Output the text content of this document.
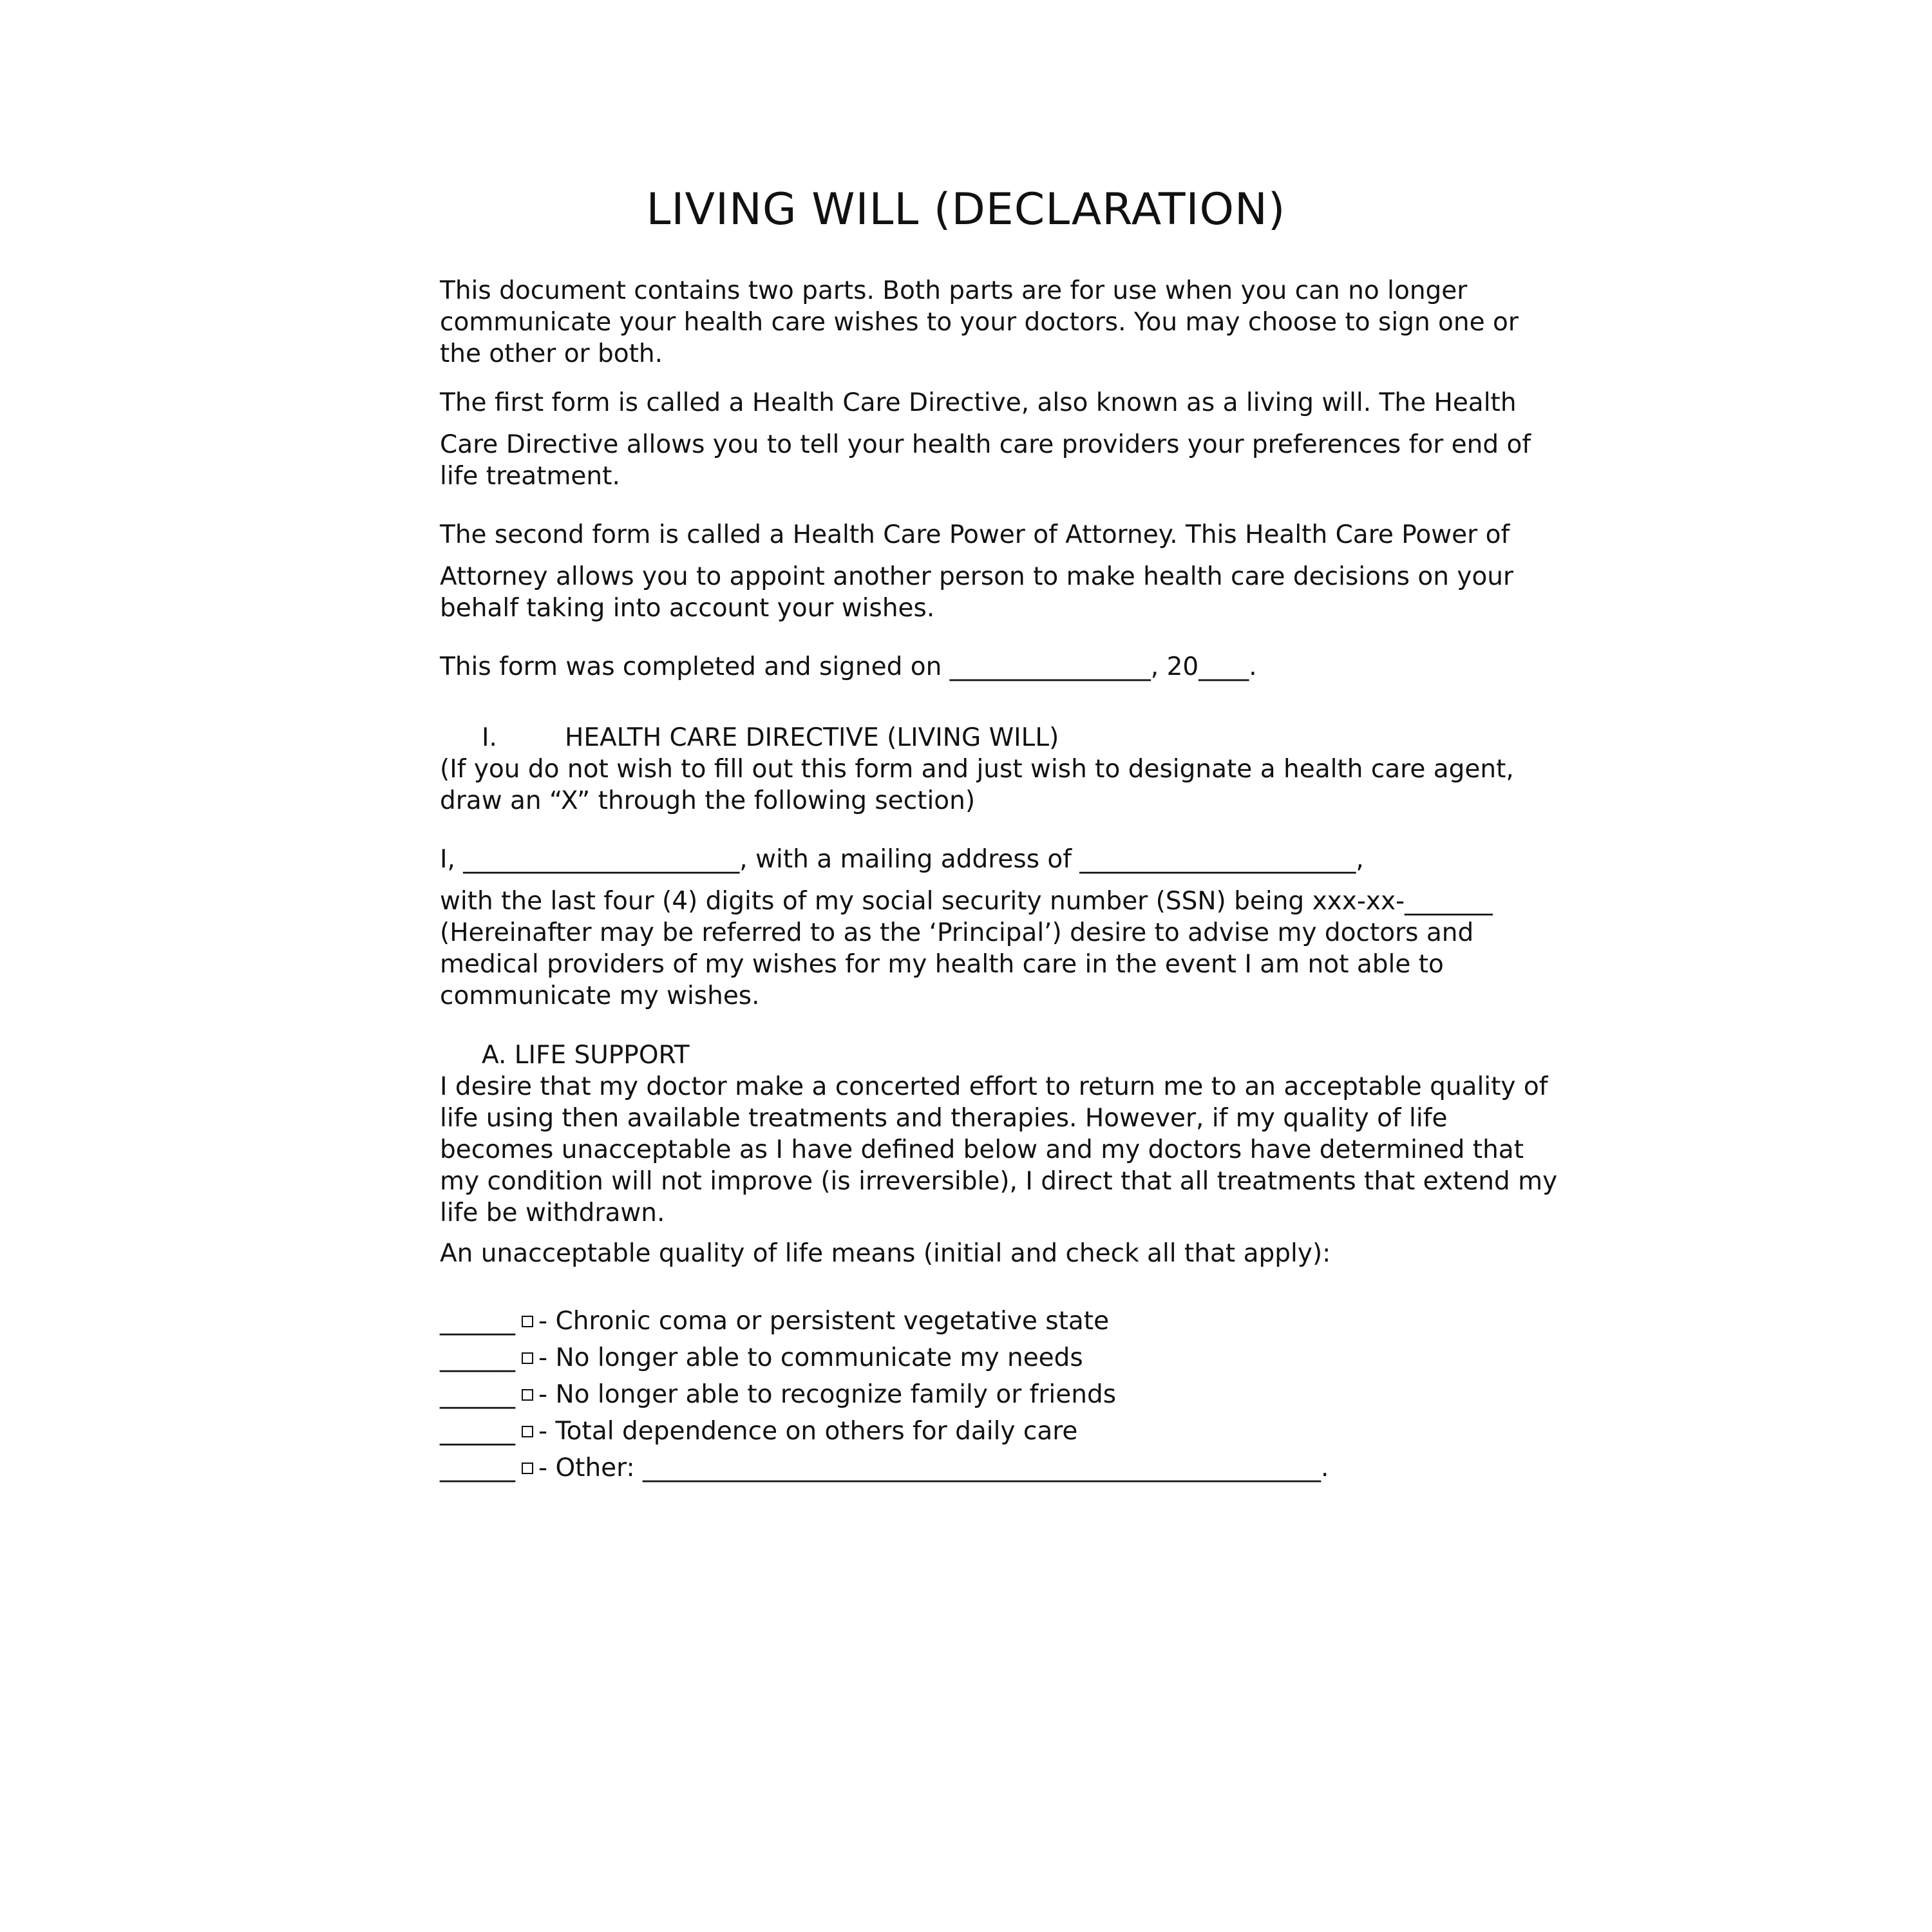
LIVING WILL (DECLARATION)
This document contains two parts. Both parts are for use when you can no longer
communicate your health care wishes to your doctors. You may choose to sign one or
the other or both.
The first form is called a Health Care Directive, also known as a living will. The Health
Care Directive allows you to tell your health care providers your preferences for end of
life treatment.
The second form is called a Health Care Power of Attorney. This Health Care Power of
Attorney allows you to appoint another person to make health care decisions on your
behalf taking into account your wishes.
This form was completed and signed on ________________, 20____.
I.	HEALTH CARE DIRECTIVE (LIVING WILL)
(If you do not wish to fill out this form and just wish to designate a health care agent,
draw an “X” through the following section)
I, ______________________, with a mailing address of ______________________,
with the last four (4) digits of my social security number (SSN) being xxx-xx-_______
(Hereinafter may be referred to as the ‘Principal’) desire to advise my doctors and
medical providers of my wishes for my health care in the event I am not able to
communicate my wishes.
A. LIFE SUPPORT
I desire that my doctor make a concerted effort to return me to an acceptable quality of
life using then available treatments and therapies. However, if my quality of life
becomes unacceptable as I have defined below and my doctors have determined that
my condition will not improve (is irreversible), I direct that all treatments that extend my
life be withdrawn.
An unacceptable quality of life means (initial and check all that apply):
______ - Chronic coma or persistent vegetative state
______ - No longer able to communicate my needs
______ - No longer able to recognize family or friends
______ - Total dependence on others for daily care
______ - Other: ______________________________________________________.
